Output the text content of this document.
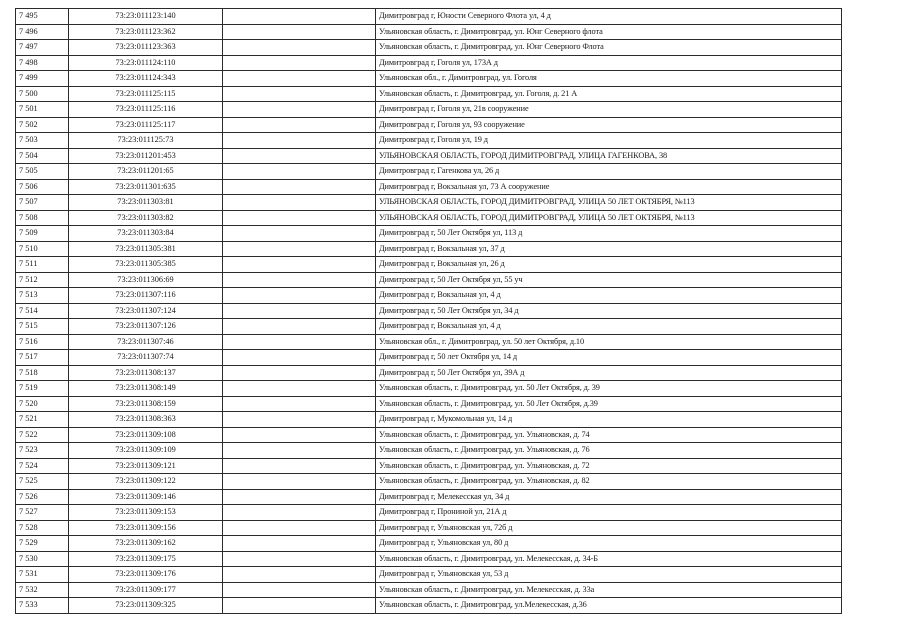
7 495	73:23:011123:140		Димитровград г, Юности Северного Флота ул, 4 д
7 496	73:23:011123:362		Ульяновская область, г. Димитровград, ул. Юнг Северного флота
7 497	73:23:011123:363		Ульяновская область, г. Димитровград, ул. Юнг Северного Флота
7 498	73:23:011124:110		Димитровград г, Гоголя ул, 173А д
7 499	73:23:011124:343		Ульяновская обл., г. Димитровград, ул. Гоголя
7 500	73:23:011125:115		Ульяновская область, г. Димитровград, ул. Гоголя, д. 21 А
7 501	73:23:011125:116		Димитровград г, Гоголя ул, 21в сооружение
7 502	73:23:011125:117		Димитровград г, Гоголя ул, 93 сооружение
7 503	73:23:011125:73		Димитровград г, Гоголя ул, 19 д
7 504	73:23:011201:453		УЛЬЯНОВСКАЯ ОБЛАСТЬ, ГОРОД ДИМИТРОВГРАД, УЛИЦА ГАГЕНКОВА, 38
7 505	73:23:011201:65		Димитровград г, Гагенкова ул, 26 д
7 506	73:23:011301:635		Димитровград г, Вокзальная ул, 73 А сооружение
7 507	73:23:011303:81		УЛЬЯНОВСКАЯ ОБЛАСТЬ, ГОРОД ДИМИТРОВГРАД, УЛИЦА 50 ЛЕТ ОКТЯБРЯ, №113
7 508	73:23:011303:82		УЛЬЯНОВСКАЯ ОБЛАСТЬ, ГОРОД ДИМИТРОВГРАД, УЛИЦА 50 ЛЕТ ОКТЯБРЯ, №113
7 509	73:23:011303:84		Димитровград г, 50 Лет Октября ул, 113 д
7 510	73:23:011305:381		Димитровград г, Вокзальная ул, 37 д
7 511	73:23:011305:385		Димитровград г, Вокзальная ул, 26 д
7 512	73:23:011306:69		Димитровград г, 50 Лет Октября ул, 55 уч
7 513	73:23:011307:116		Димитровград г, Вокзальная ул, 4 д
7 514	73:23:011307:124		Димитровград г, 50 Лет Октября ул, 34 д
7 515	73:23:011307:126		Димитровград г, Вокзальная ул, 4 д
7 516	73:23:011307:46		Ульяновская обл., г. Димитровград, ул. 50 лет Октября, д.10
7 517	73:23:011307:74		Димитровград г, 50 лет Октября ул, 14 д
7 518	73:23:011308:137		Димитровград г, 50 Лет Октября ул, 39А д
7 519	73:23:011308:149		Ульяновская область, г. Димитровград, ул. 50 Лет Октября, д. 39
7 520	73:23:011308:159		Ульяновская область, г. Димитровград, ул. 50 Лет Октября, д.39
7 521	73:23:011308:363		Димитровград г, Мукомольная ул, 14 д
7 522	73:23:011309:108		Ульяновская область, г. Димитровград, ул. Ульяновская, д. 74
7 523	73:23:011309:109		Ульяновская область, г. Димитровград, ул. Ульяновская, д. 76
7 524	73:23:011309:121		Ульяновская область, г. Димитровград, ул. Ульяновская, д. 72
7 525	73:23:011309:122		Ульяновская область, г. Димитровград, ул. Ульяновская, д. 82
7 526	73:23:011309:146		Димитровград г, Мелекесская ул, 34 д
7 527	73:23:011309:153		Димитровград г, Прониной ул, 21А д
7 528	73:23:011309:156		Димитровград г, Ульяновская ул, 72б д
7 529	73:23:011309:162		Димитровград г, Ульяновская ул, 80 д
7 530	73:23:011309:175		Ульяновская область, г. Димитровград, ул. Мелекесская, д. 34-Б
7 531	73:23:011309:176		Димитровград г, Ульяновская ул, 53 д
7 532	73:23:011309:177		Ульяновская область, г. Димитровград, ул. Мелекесская, д. 33а
7 533	73:23:011309:325		Ульяновская область, г. Димитровград, ул.Мелекесская, д.36
